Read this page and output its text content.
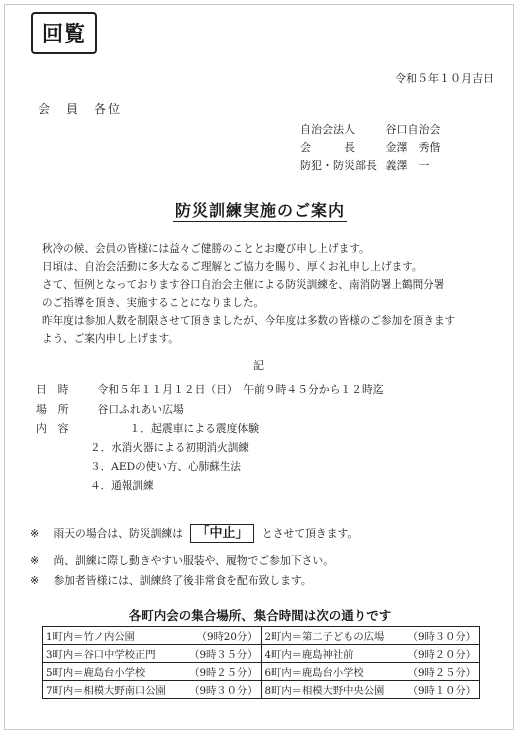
回覧
令和５年１０月吉日
会　員　各位
自治会法人	谷口自治会
会　　　長	金澤　秀偕
防犯・防災部長 義澤　一
防災訓練実施のご案内
秋冷の候、会員の皆様には益々ご健勝のこととお慶び申し上げます。
日頃は、自治会活動に多大なるご理解とご協力を賜り、厚くお礼申し上げます。
さて、恒例となっております谷口自治会主催による防災訓練を、南消防署上鶴間分署
のご指導を頂き、実施することになりました。
昨年度は参加人数を制限させて頂きましたが、今年度は多数の皆様のご参加を頂きます
よう、ご案内申し上げます。
記
日　時	令和５年１１月１２日（日）　午前９時４５分から１２時迄
場　所	谷口ふれあい広場
内　容	１．起震車による震度体験
２．水消火器による初期消火訓練
３．AEDの使い方、心肺蘇生法
４．通報訓練
※ 雨天の場合は、防災訓練は 「中止」 とさせて頂きます。
※ 尚、訓練に際し動きやすい服装や、履物でご参加下さい。
※ 参加者皆様には、訓練終了後非常食を配布致します。
各町内会の集合場所、集合時間は次の通りです
1町内＝竹ノ内公園 （9時20分）	2町内＝第二子どもの広場 （9時３０分）

3町内＝谷口中学校正門 （9時３５分）	4町内＝鹿島神社前 （9時２０分）

5町内＝鹿島台小学校 （9時２５分）	6町内＝鹿島台小学校 （9時２５分）

7町内＝相模大野南口公園 （9時３０分）	8町内＝相模大野中央公園 （9時１０分）
